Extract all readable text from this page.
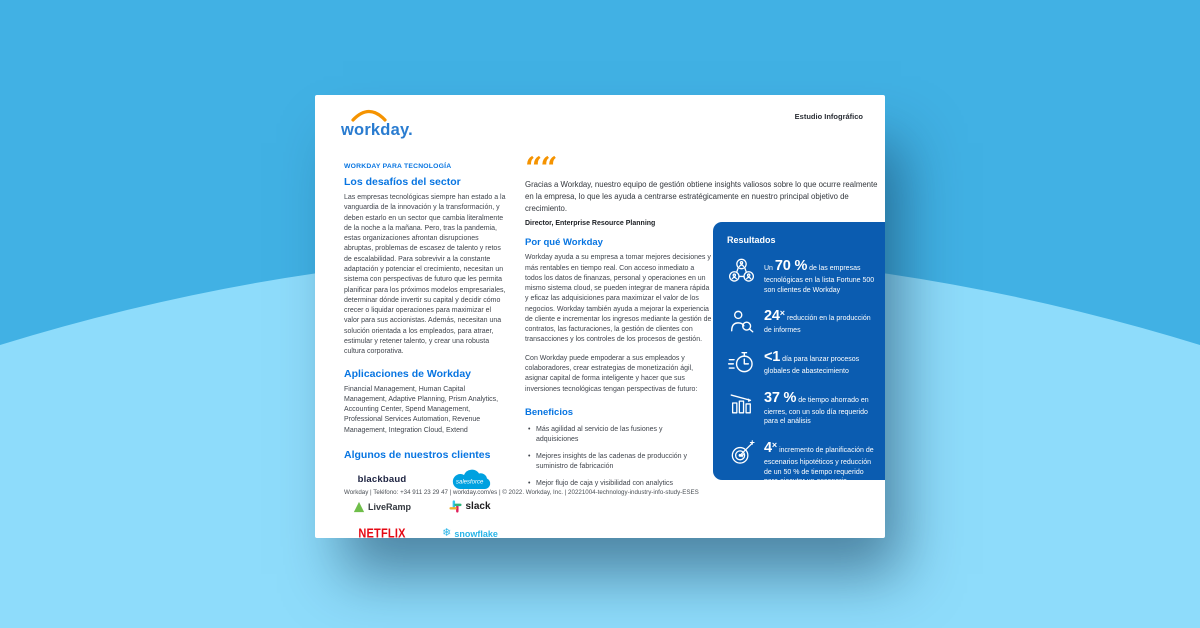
workday.
Estudio Infográfico
WORKDAY PARA TECNOLOGÍA
Los desafíos del sector
Las empresas tecnológicas siempre han estado a la vanguardia de la innovación y la transformación, y deben estarlo en un sector que cambia literalmente de la noche a la mañana. Pero, tras la pandemia, estas organizaciones afrontan disrupciones abruptas, problemas de escasez de talento y retos de escalabilidad. Para sobrevivir a la constante adaptación y potenciar el crecimiento, necesitan un sistema con perspectivas de futuro que les permita planificar para los próximos modelos empresariales, determinar dónde invertir su capital y decidir cómo crecer o liquidar operaciones para maximizar el valor para sus accionistas. Además, necesitan una solución orientada a los empleados, para atraer, estimular y retener talento, y crear una robusta cultura corporativa.
Aplicaciones de Workday
Financial Management, Human Capital Management, Adaptive Planning, Prism Analytics, Accounting Center, Spend Management, Professional Services Automation, Revenue Management, Integration Cloud, Extend
Algunos de nuestros clientes
blackbaud	salesforce
LiveRamp	slack
NETFLIX	❄ snowflake
““
Gracias a Workday, nuestro equipo de gestión obtiene insights valiosos sobre lo que ocurre realmente en la empresa, lo que les ayuda a centrarse estratégicamente en nuestro principal objetivo de crecimiento.
Director, Enterprise Resource Planning
Por qué Workday

Workday ayuda a su empresa a tomar mejores decisiones y más rentables en tiempo real. Con acceso inmediato a todos los datos de finanzas, personal y operaciones en un mismo sistema cloud, se pueden integrar de manera rápida y eficaz las adquisiciones para maximizar el valor de los negocios. Workday también ayuda a mejorar la experiencia de cliente e incrementar los ingresos mediante la gestión de contratos, las facturaciones, la gestión de clientes con transacciones y los controles de los procesos de gestión.

Con Workday puede empoderar a sus empleados y colaboradores, crear estrategias de monetización ágil, asignar capital de forma inteligente y hacer que sus inversiones tecnológicas tengan perspectivas de futuro:

Beneficios
• Más agilidad al servicio de las fusiones y adquisiciones
• Mejores insights de las cadenas de producción y suministro de fabricación
• Mejor flujo de caja y visibilidad con analytics
Resultados
Un 70 % de las empresas tecnológicas en la lista Fortune 500 son clientes de Workday
24× reducción en la producción de informes
<1 día para lanzar procesos globales de abastecimiento
37 % de tiempo ahorrado en cierres, con un solo día requerido para el análisis
4× incremento de planificación de escenarios hipotéticos y reducción de un 50 % de tiempo requerido para ejecutar un escenario
Workday | Teléfono: +34 911 23 29 47 | workday.com/es | © 2022. Workday, Inc. | 20221004-technology-industry-info-study-ESES
